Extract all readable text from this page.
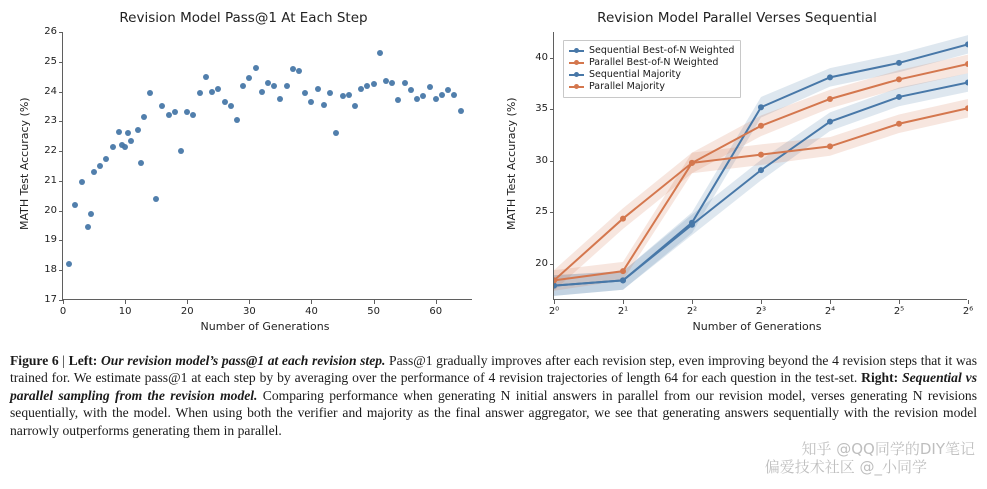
Revision Model Pass@1 At Each Step
MATH Test Accuracy (%)
Number of Generations
17
18
19
20
21
22
23
24
25
26
0	10	20	30	40	50	60
Revision Model Parallel Verses Sequential
MATH Test Accuracy (%)
Number of Generations
20
25
30
35
40
2⁰	2¹	2²	2³	2⁴	2⁵	2⁶
Sequential Best-of-N Weighted
Parallel Best-of-N Weighted
Sequential Majority
Parallel Majority
Figure 6 | Left: Our revision model’s pass@1 at each revision step. Pass@1 gradually improves after each revision step, even improving beyond the 4 revision steps that it was trained for. We estimate pass@1 at each step by by averaging over the performance of 4 revision trajectories of length 64 for each question in the test-set. Right: Sequential vs parallel sampling from the revision model. Comparing performance when generating N initial answers in parallel from our revision model, verses generating N revisions sequentially, with the model. When using both the verifier and majority as the final answer aggregator, we see that generating answers sequentially with the revision model narrowly outperforms generating them in parallel.
知乎 @QQ同学的DIY笔记
偏爱技术社区 @_小同学
